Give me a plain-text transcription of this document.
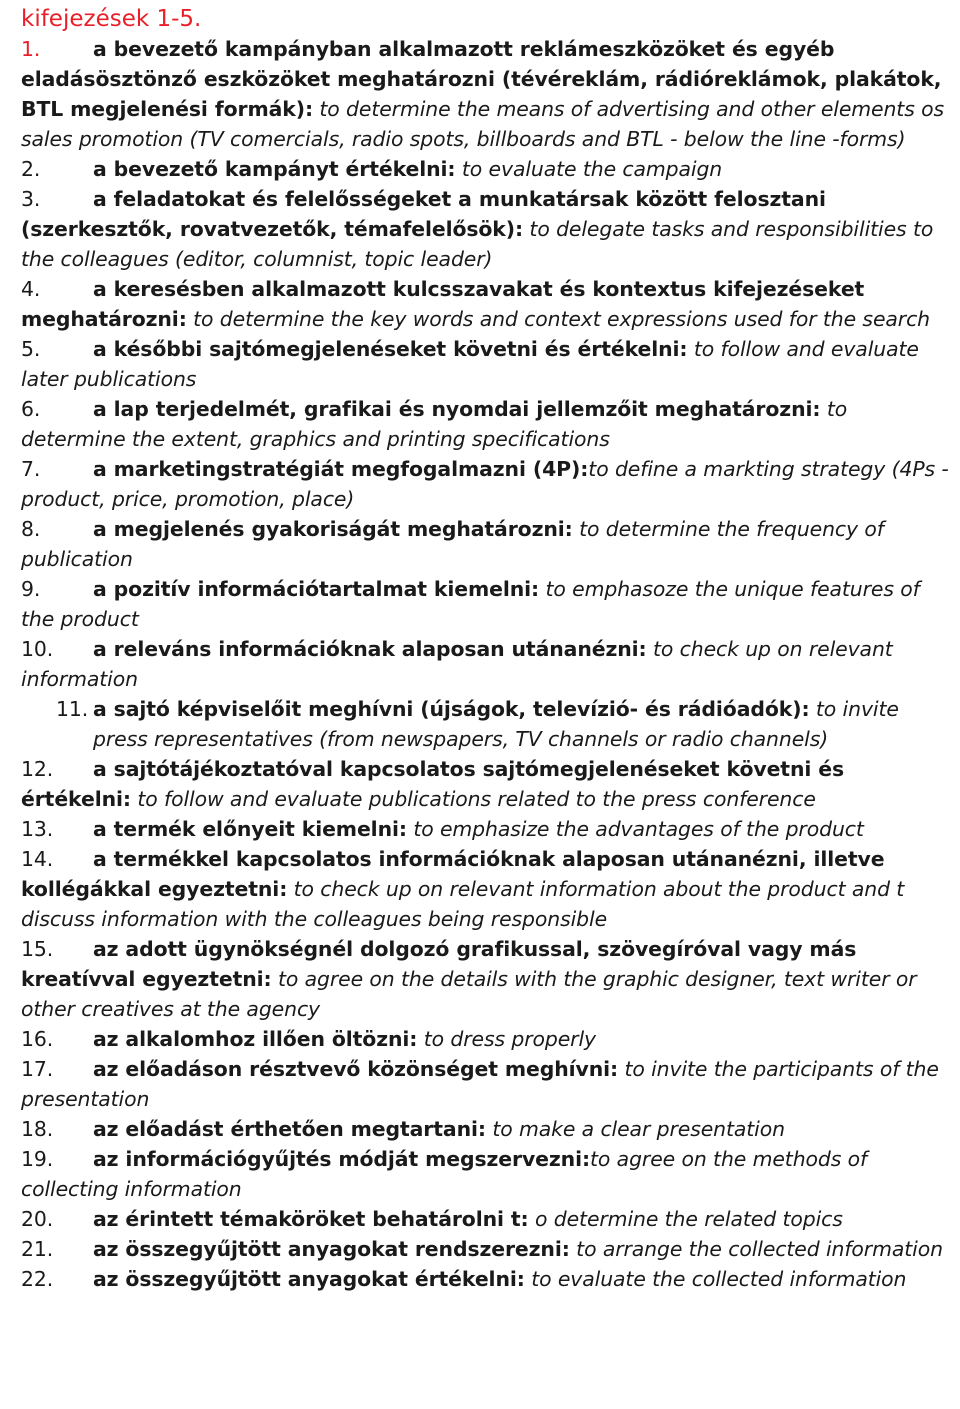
kifejezések 1-5.
1.	a bevezető kampányban alkalmazott reklámeszközöket és egyéb eladásösztönző eszközöket meghatározni (tévéreklám, rádióreklámok, plakátok, BTL megjelenési formák): to determine the means of advertising and other elements os sales promotion (TV comercials, radio spots, billboards and BTL - below the line -forms)
2.	a bevezető kampányt értékelni: to evaluate the campaign
3.	a feladatokat és felelősségeket a munkatársak között felosztani (szerkesztők, rovatvezetők, témafelelősök): to delegate tasks and responsibilities to the colleagues (editor, columnist, topic leader)
4.	a keresésben alkalmazott kulcsszavakat és kontextus kifejezéseket meghatározni: to determine the key words and context expressions used for the search
5.	a későbbi sajtómegjelenéseket követni és értékelni: to follow and evaluate later publications
6.	a lap terjedelmét, grafikai és nyomdai jellemzőit meghatározni: to determine the extent, graphics and printing specifications
7.	a marketingstratégiát megfogalmazni (4P):to define a markting strategy (4Ps - product, price, promotion, place)
8.	a megjelenés gyakoriságát meghatározni: to determine the frequency of publication
9.	a pozitív információtartalmat kiemelni: to emphasoze the unique features of the product
10. a releváns információknak alaposan utánanézni: to check up on relevant information
11. a sajtó képviselőit meghívni (újságok, televízió- és rádióadók): to invite press representatives (from newspapers, TV channels or radio channels)
12. a sajtótájékoztatóval kapcsolatos sajtómegjelenéseket követni és értékelni: to follow and evaluate publications related to the press conference
13. a termék előnyeit kiemelni: to emphasize the advantages of the product
14. a termékkel kapcsolatos információknak alaposan utánanézni, illetve kollégákkal egyeztetni: to check up on relevant information about the product and t discuss information with the colleagues being responsible
15. az adott ügynökségnél dolgozó grafikussal, szövegíróval vagy más kreatívval egyeztetni: to agree on the details with the graphic designer, text writer or other creatives at the agency
16. az alkalomhoz illően öltözni: to dress properly
17. az előadáson résztvevő közönséget meghívni: to invite the participants of the presentation
18. az előadást érthetően megtartani: to make a clear presentation
19. az információgyűjtés módját megszervezni:to agree on the methods of collecting information
20. az érintett témaköröket behatárolni t: o determine the related topics
21. az összegyűjtött anyagokat rendszerezni: to arrange the collected information
22. az összegyűjtött anyagokat értékelni: to evaluate the collected information
